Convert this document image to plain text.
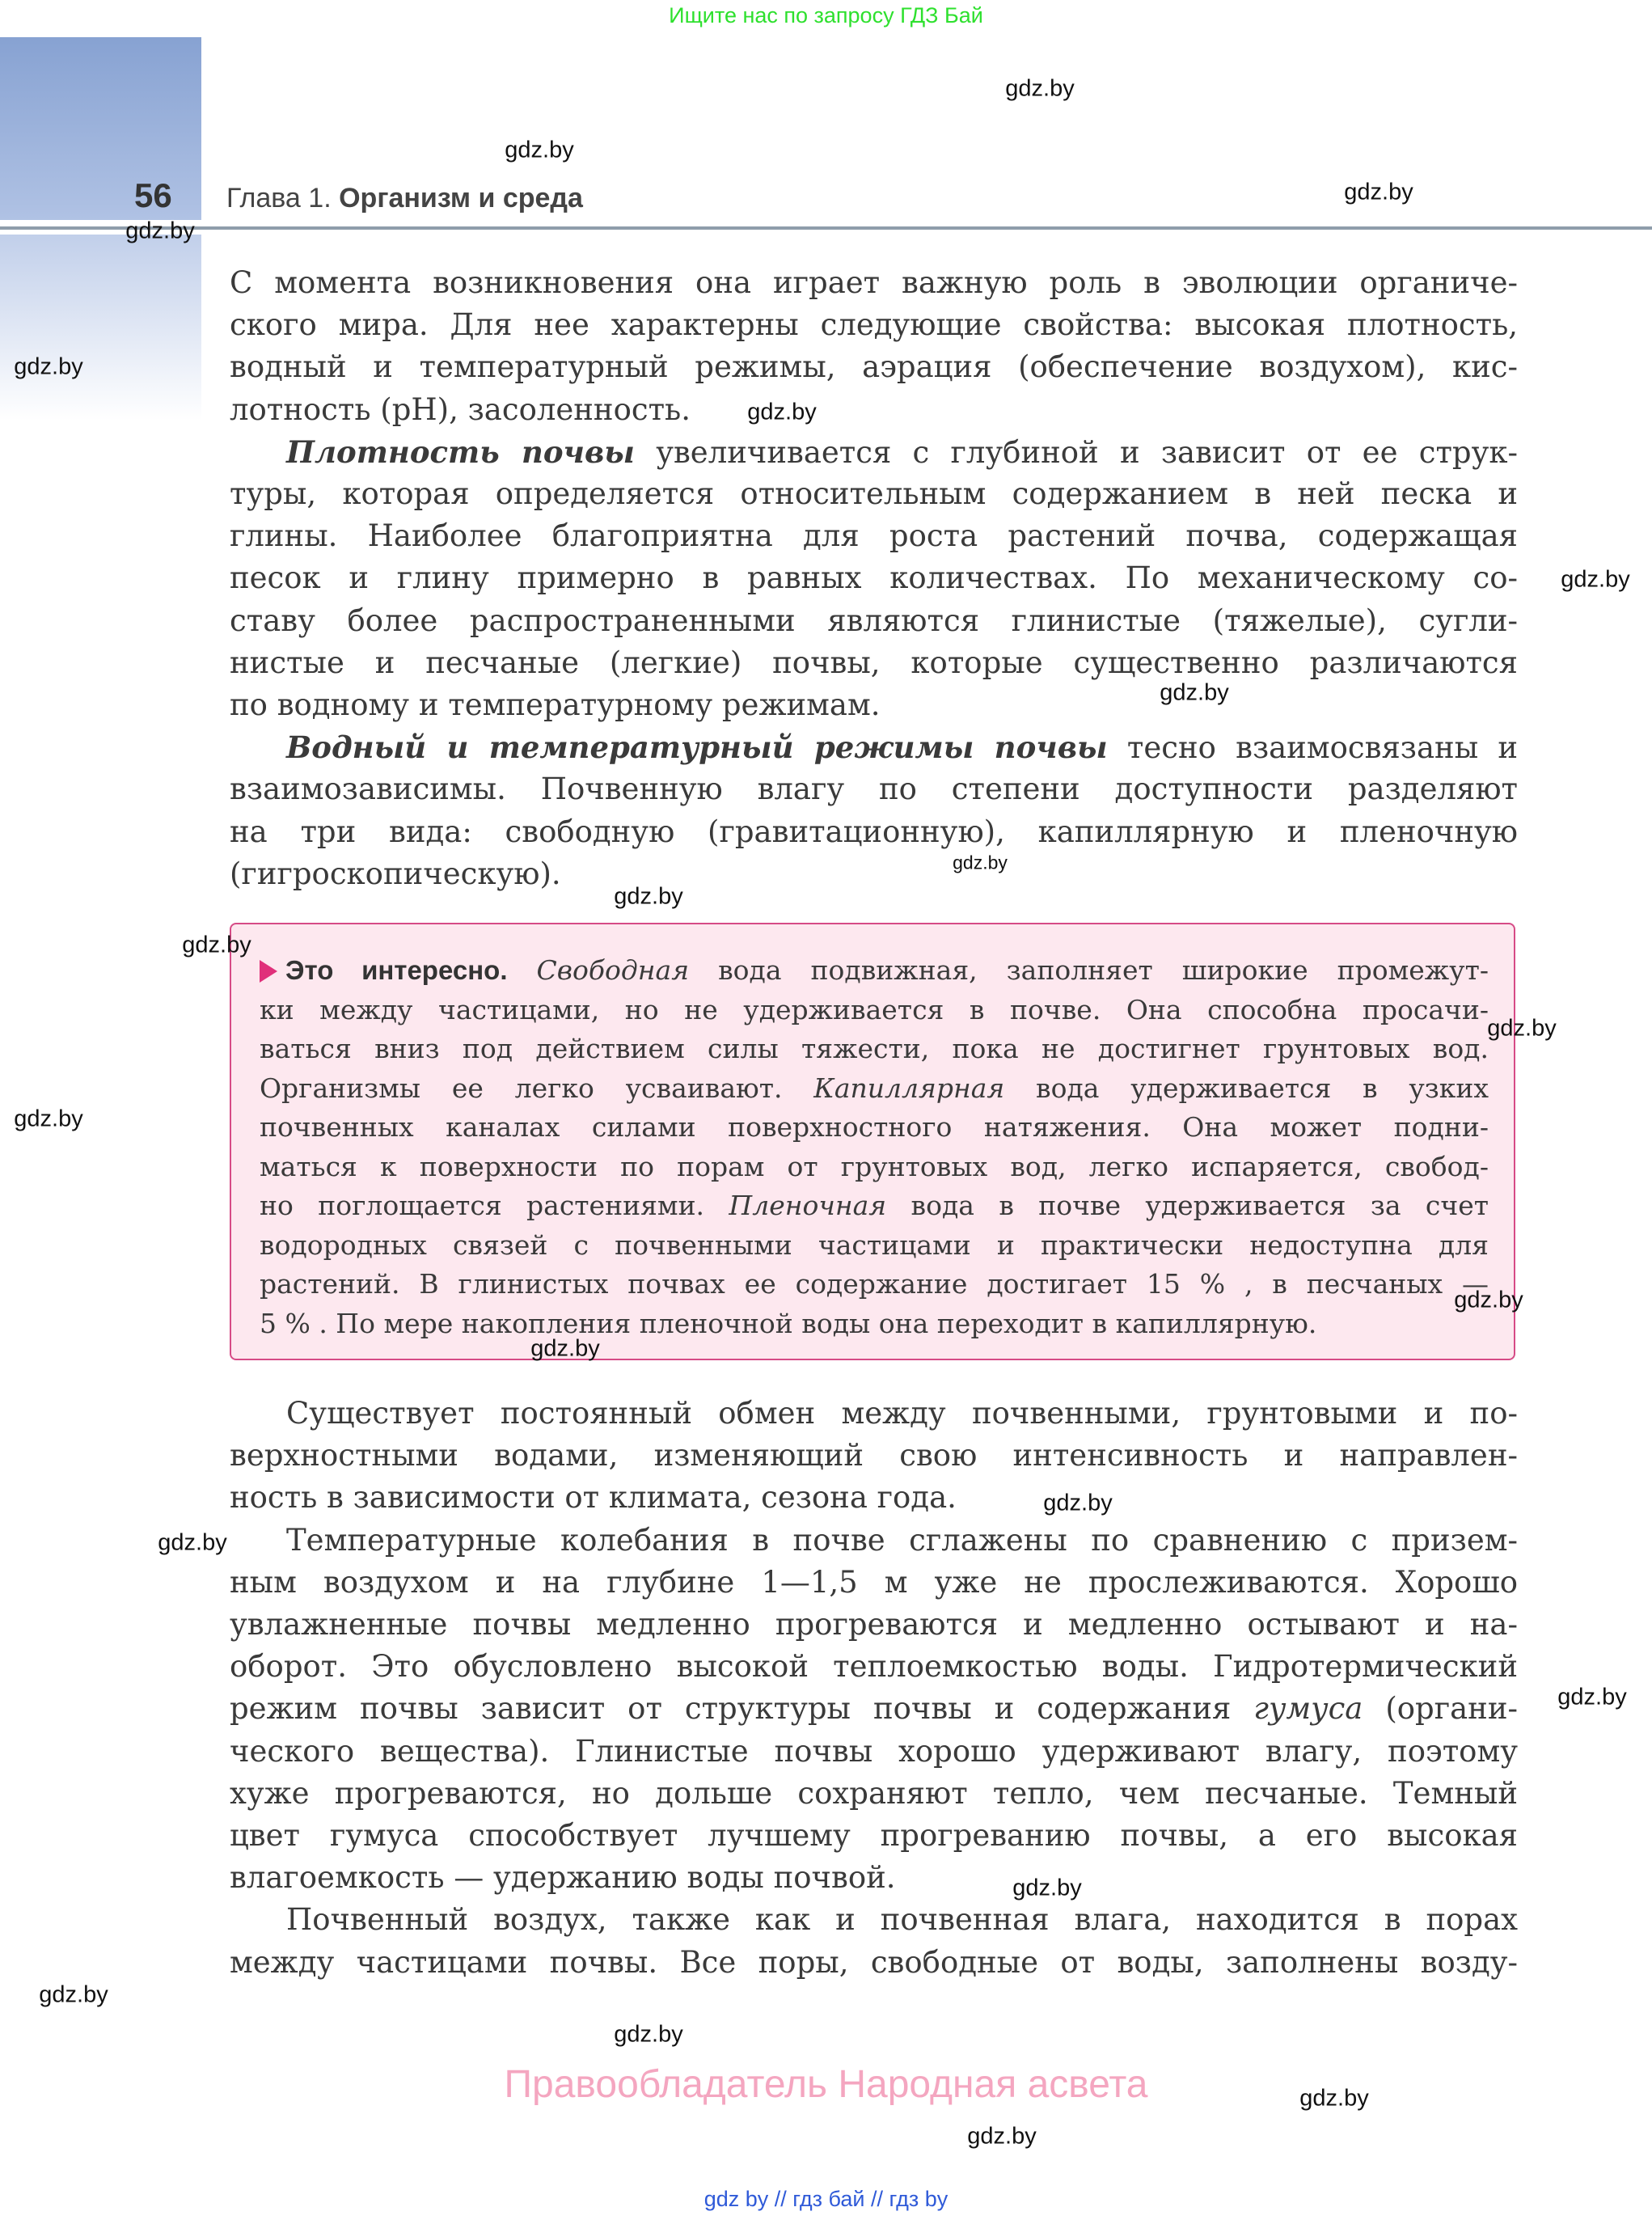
Ищите нас по запросу ГДЗ Бай
56 Глава 1. Организм и среда
С момента возникновения она играет важную роль в эволюции органиче-
ского мира. Для нее характерны следующие свойства: высокая плотность,
водный и температурный режимы, аэрация (обеспечение воздухом), кис-
лотность (pH), засоленность.
Плотность почвы увеличивается с глубиной и зависит от ее струк-
туры, которая определяется относительным содержанием в ней песка и
глины. Наиболее благоприятна для роста растений почва, содержащая
песок и глину примерно в равных количествах. По механическому со-
ставу более распространенными являются глинистые (тяжелые), сугли-
нистые и песчаные (легкие) почвы, которые существенно различаются
по водному и температурному режимам.
Водный и температурный режимы почвы тесно взаимосвязаны и
взаимозависимы. Почвенную влагу по степени доступности разделяют
на три вида: свободную (гравитационную), капиллярную и пленочную
(гигроскопическую).
Это интересно. Свободная вода подвижная, заполняет широкие промежут-
ки между частицами, но не удерживается в почве. Она способна просачи-
ваться вниз под действием силы тяжести, пока не достигнет грунтовых вод.
Организмы ее легко усваивают. Капиллярная вода удерживается в узких
почвенных каналах силами поверхностного натяжения. Она может подни-
маться к поверхности по порам от грунтовых вод, легко испаряется, свобод-
но поглощается растениями. Пленочная вода в почве удерживается за счет
водородных связей с почвенными частицами и практически недоступна для
растений. В глинистых почвах ее содержание достигает 15 % , в песчаных —
5 % . По мере накопления пленочной воды она переходит в капиллярную.
Существует постоянный обмен между почвенными, грунтовыми и по-
верхностными водами, изменяющий свою интенсивность и направлен-
ность в зависимости от климата, сезона года.
Температурные колебания в почве сглажены по сравнению с призем-
ным воздухом и на глубине 1—1,5 м уже не прослеживаются. Хорошо
увлажненные почвы медленно прогреваются и медленно остывают и на-
оборот. Это обусловлено высокой теплоемкостью воды. Гидротермический
режим почвы зависит от структуры почвы и содержания гумуса (органи-
ческого вещества). Глинистые почвы хорошо удерживают влагу, поэтому
хуже прогреваются, но дольше сохраняют тепло, чем песчаные. Темный
цвет гумуса способствует лучшему прогреванию почвы, а его высокая
влагоемкость — удержанию воды почвой.
Почвенный воздух, также как и почвенная влага, находится в порах
между частицами почвы. Все поры, свободные от воды, заполнены возду-
Правообладатель Народная асвета
gdz by // гдз бай // гдз by
gdz.by
gdz.by
gdz.by
gdz.by
gdz.by
gdz.by
gdz.by
gdz.by
gdz.by
gdz.by
gdz.by
gdz.by
gdz.by
gdz.by
gdz.by
gdz.by
gdz.by
gdz.by
gdz.by
gdz.by
gdz.by
gdz.by
gdz.by
